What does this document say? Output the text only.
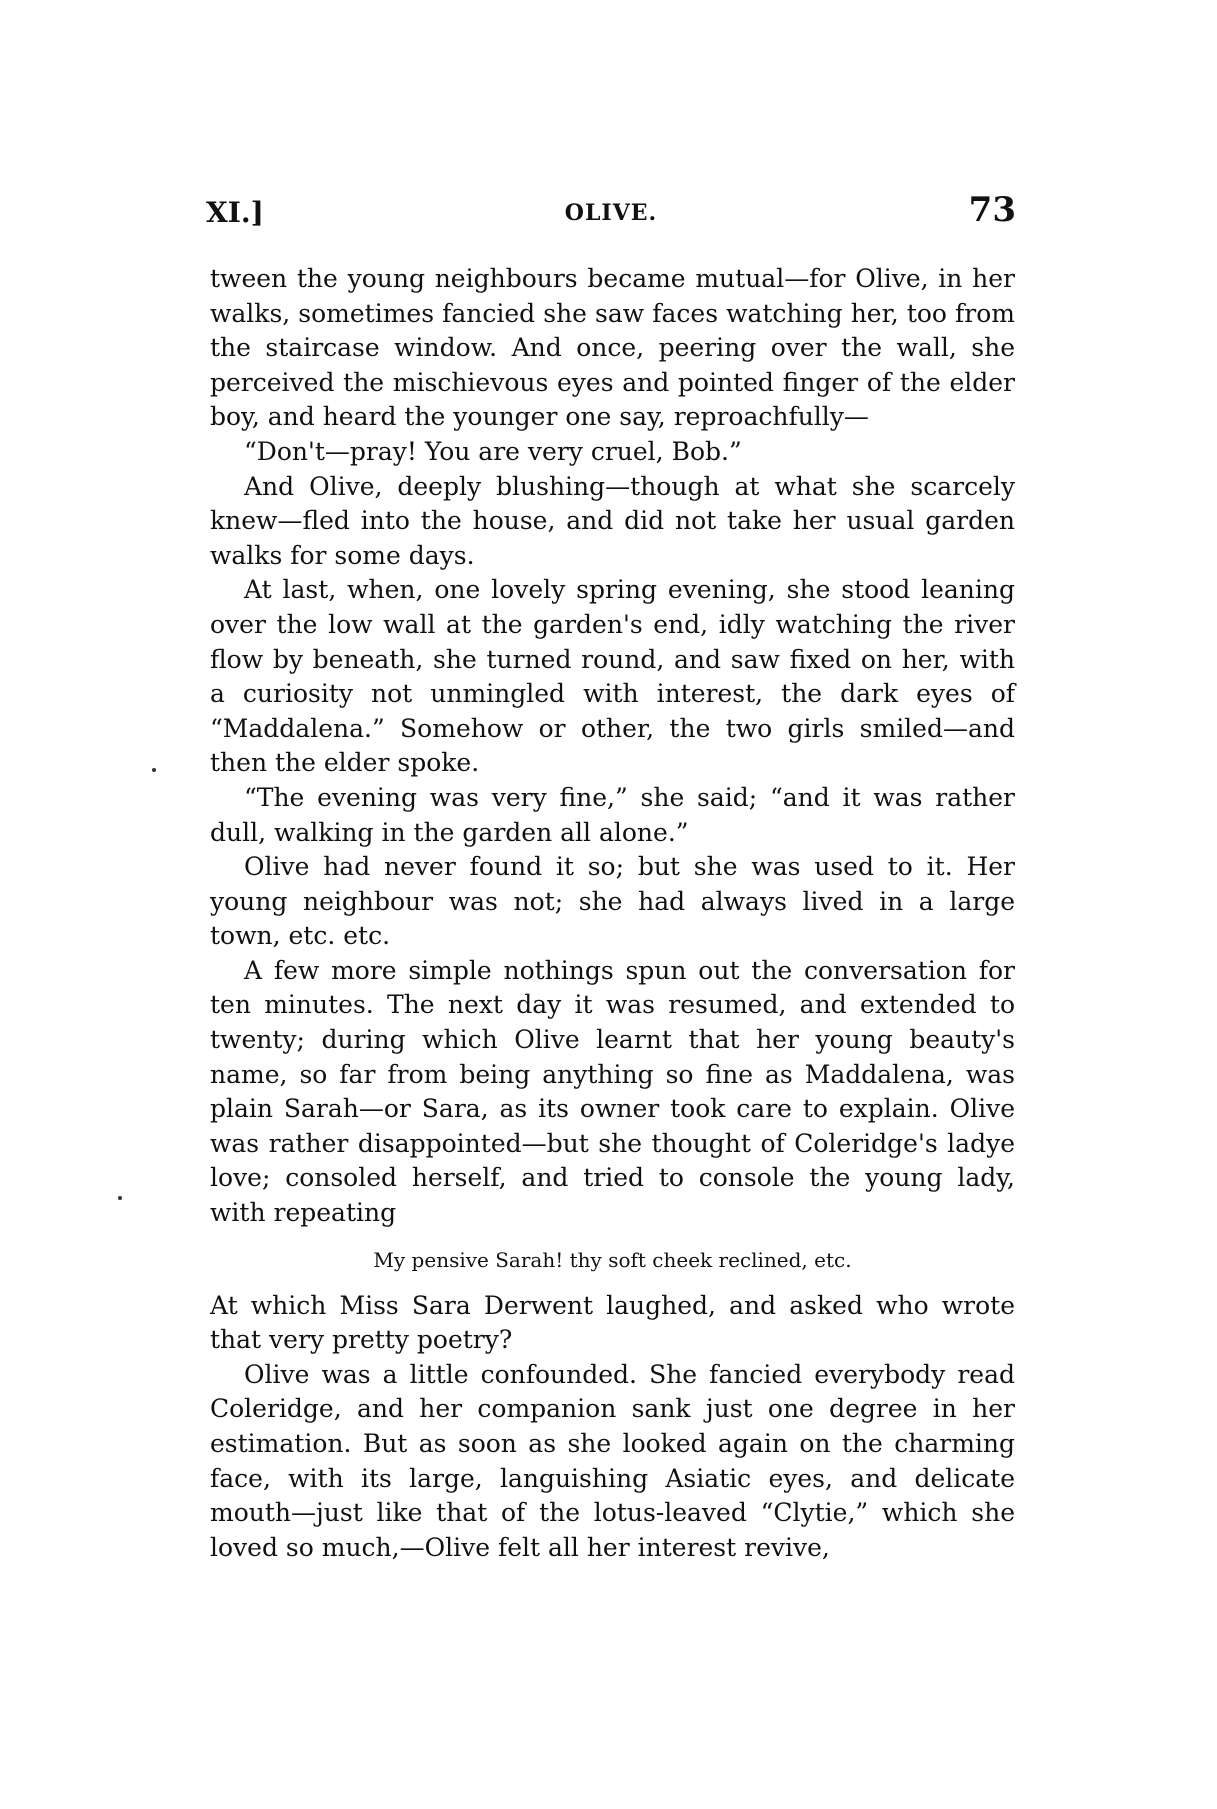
XI.]	OLIVE.	73

tween the young neighbours became mutual—for Olive, in her walks, sometimes fancied she saw faces watching her, too from the staircase window. And once, peering over the wall, she perceived the mischievous eyes and pointed finger of the elder boy, and heard the younger one say, reproachfully—

“Don't—pray! You are very cruel, Bob.”

And Olive, deeply blushing—though at what she scarcely knew—fled into the house, and did not take her usual garden walks for some days.

At last, when, one lovely spring evening, she stood leaning over the low wall at the garden's end, idly watching the river flow by beneath, she turned round, and saw fixed on her, with a curiosity not unmingled with interest, the dark eyes of “Maddalena.” Somehow or other, the two girls smiled—and then the elder spoke.

“The evening was very fine,” she said; “and it was rather dull, walking in the garden all alone.”

Olive had never found it so; but she was used to it. Her young neighbour was not; she had always lived in a large town, etc. etc.

A few more simple nothings spun out the conversation for ten minutes. The next day it was resumed, and extended to twenty; during which Olive learnt that her young beauty's name, so far from being anything so fine as Maddalena, was plain Sarah—or Sara, as its owner took care to explain. Olive was rather disappointed—but she thought of Coleridge's ladye love; consoled herself, and tried to console the young lady, with repeating

My pensive Sarah! thy soft cheek reclined, etc.

At which Miss Sara Derwent laughed, and asked who wrote that very pretty poetry?

Olive was a little confounded. She fancied everybody read Coleridge, and her companion sank just one degree in her estimation. But as soon as she looked again on the charming face, with its large, languishing Asiatic eyes, and delicate mouth—just like that of the lotus-leaved “Clytie,” which she loved so much,—Olive felt all her interest revive,
